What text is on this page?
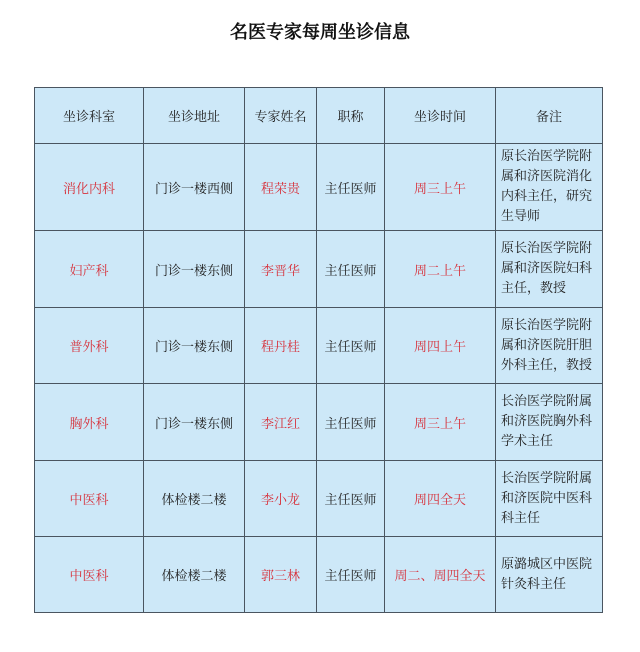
名医专家每周坐诊信息
坐诊科室	坐诊地址	专家姓名	职称	坐诊时间	备注
消化内科	门诊一楼西侧	程荣贵	主任医师	周三上午	原长治医学院附属和济医院消化内科主任，研究生导师

妇产科	门诊一楼东侧	李晋华	主任医师	周二上午	原长治医学院附属和济医院妇科主任，教授

普外科	门诊一楼东侧	程丹桂	主任医师	周四上午	原长治医学院附属和济医院肝胆外科主任，教授

胸外科	门诊一楼东侧	李江红	主任医师	周三上午	长治医学院附属和济医院胸外科学术主任

中医科	体检楼二楼	李小龙	主任医师	周四全天	长治医学院附属和济医院中医科科主任

中医科	体检楼二楼	郭三林	主任医师	周二、周四全天	原潞城区中医院针灸科主任
